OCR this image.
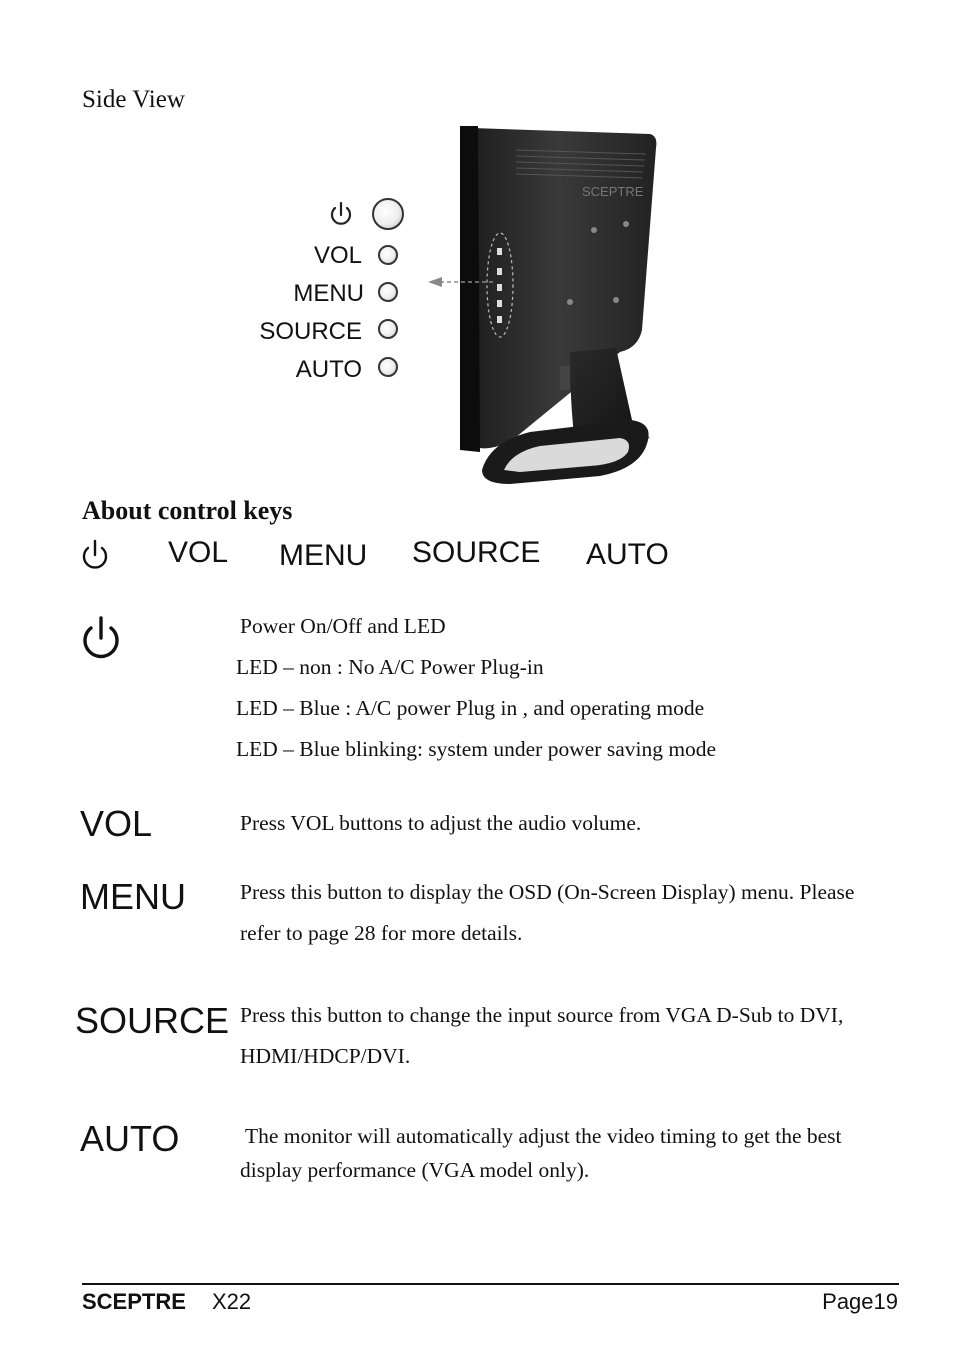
Side View
VOL
MENU
SOURCE
AUTO
SCEPTRE
About control keys
VOL MENU SOURCE AUTO
Power On/Off and LED
LED – non : No A/C Power Plug-in
LED – Blue : A/C power Plug in , and operating mode
LED – Blue blinking: system under power saving mode
VOL	Press VOL buttons to adjust the audio volume.
MENU	Press this button to display the OSD (On-Screen Display) menu. Please
refer to page 28 for more details.
SOURCE Press this button to change the input source from VGA D-Sub to DVI,
HDMI/HDCP/DVI.
AUTO	The monitor will automatically adjust the video timing to get the best
display performance (VGA model only).
SCEPTRE X22	Page19
